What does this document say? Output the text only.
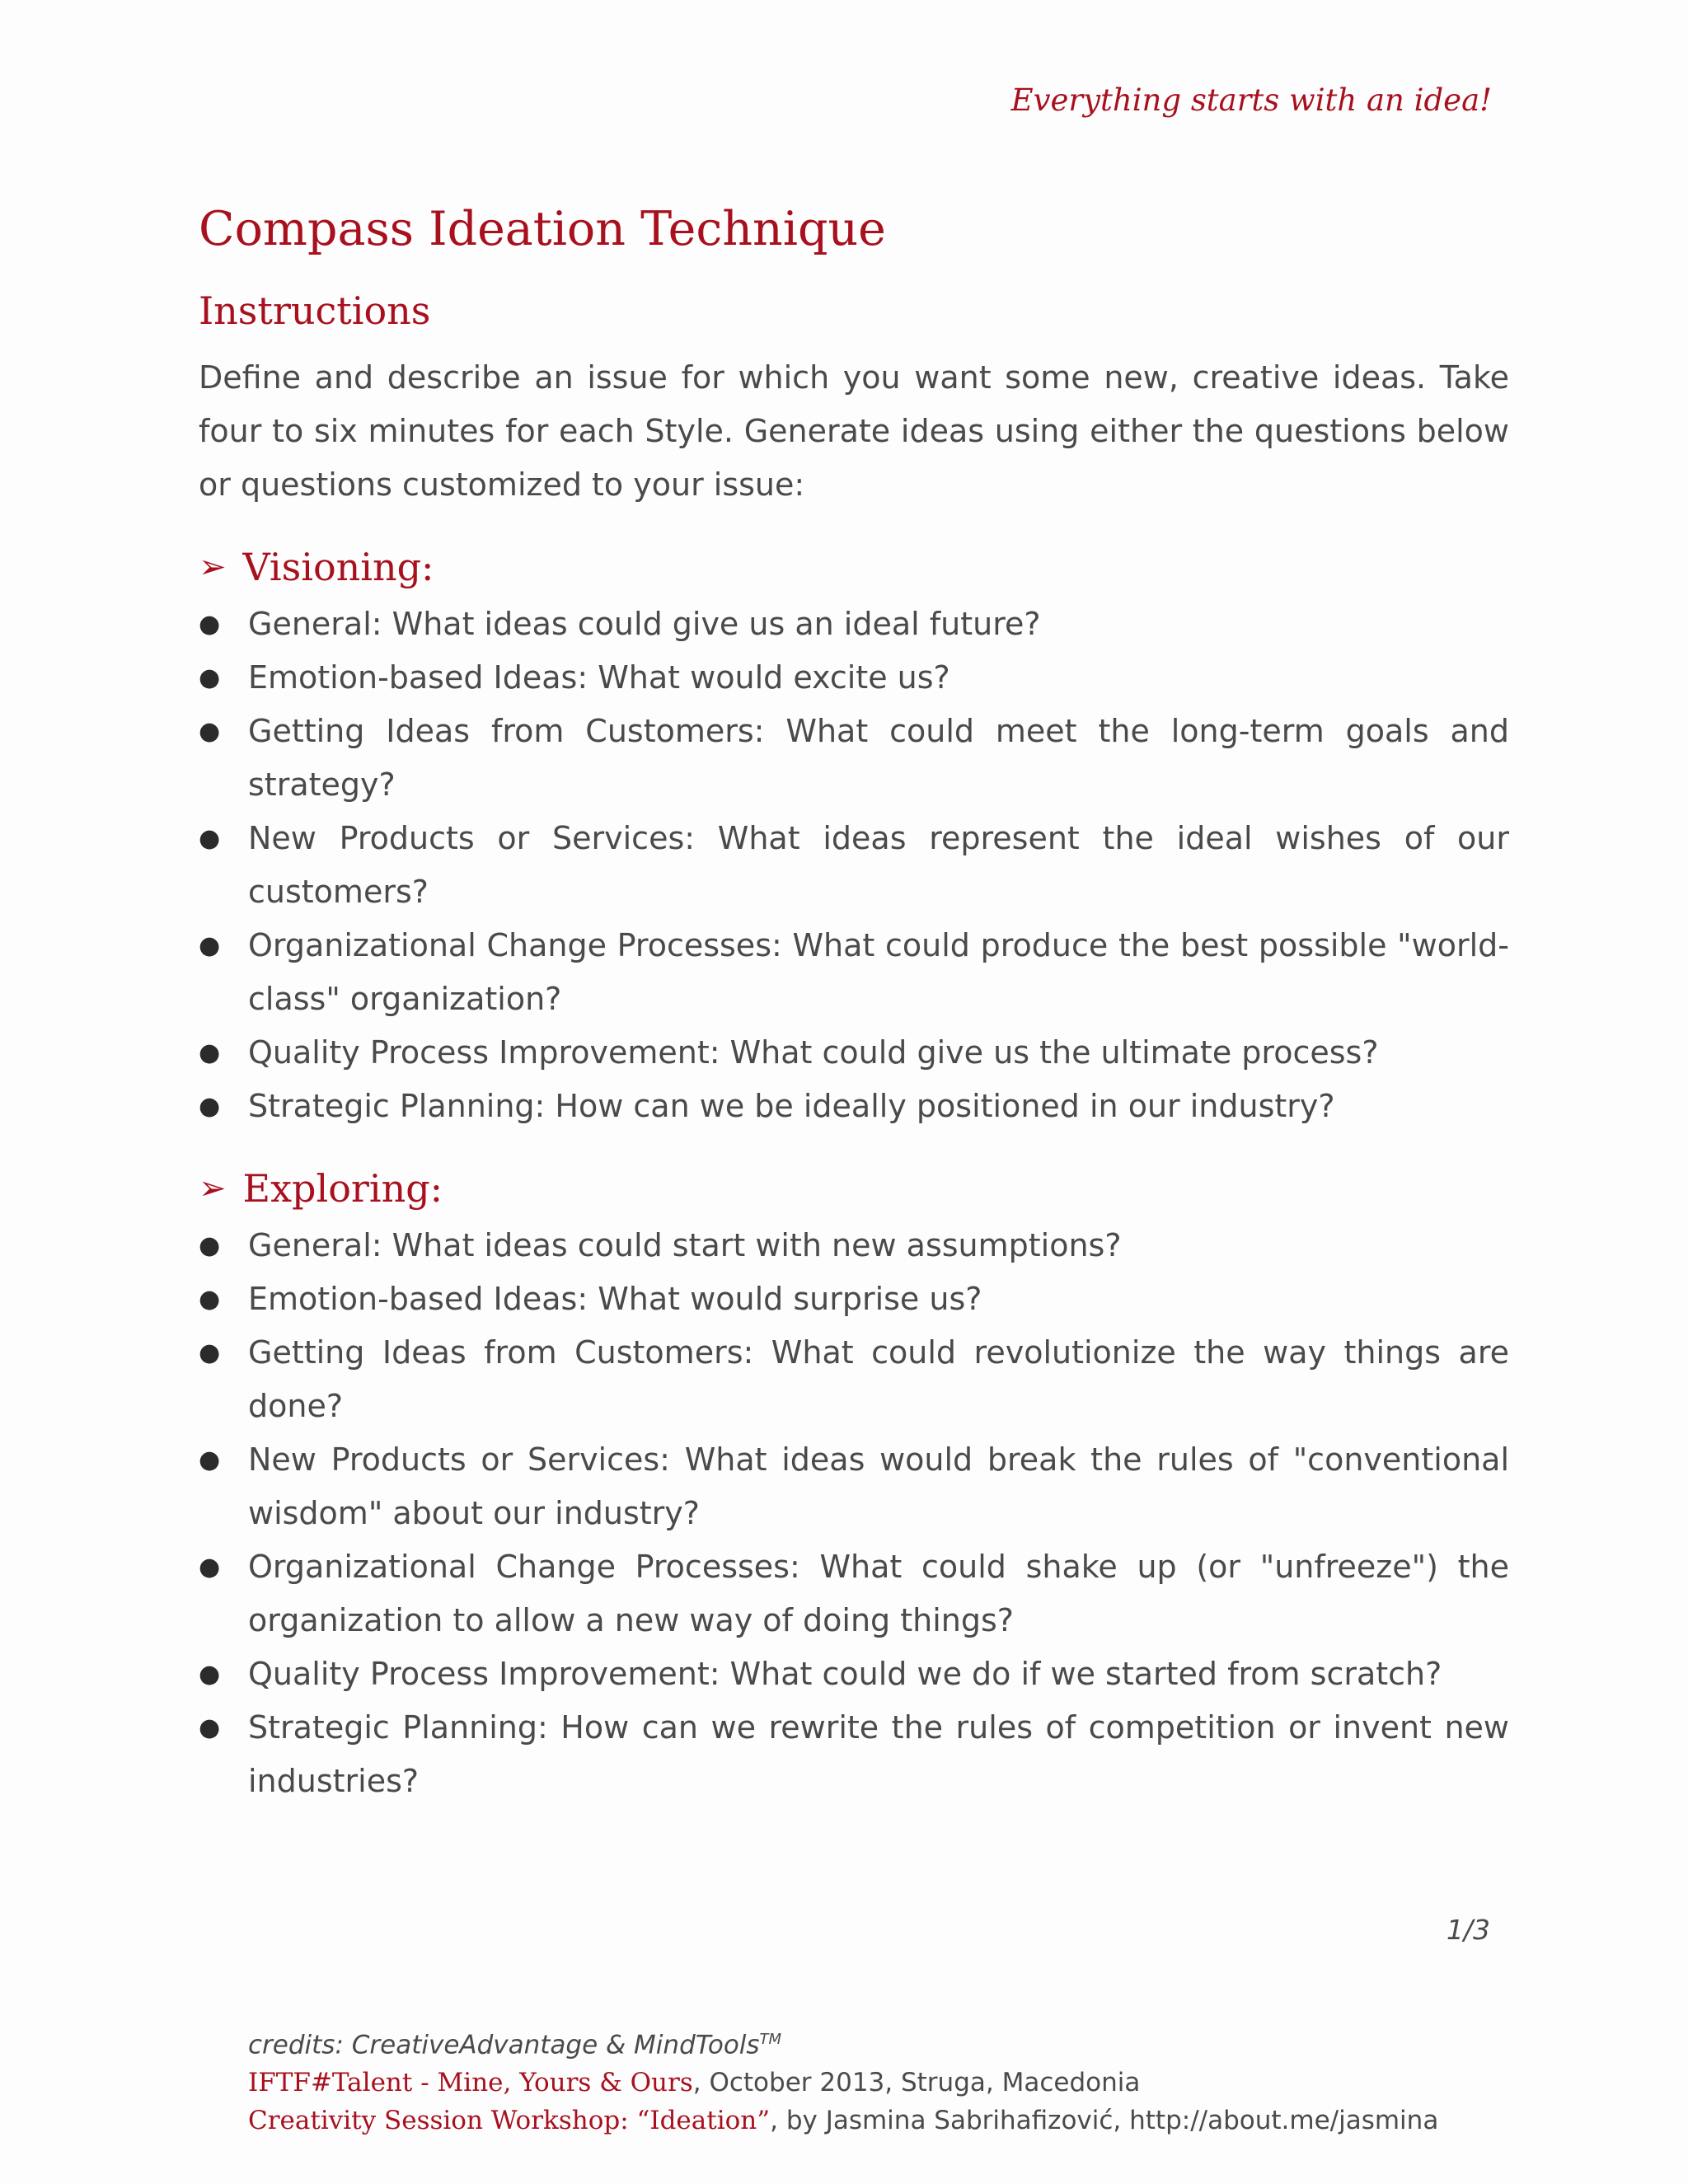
Everything starts with an idea!
Compass Ideation Technique
Instructions

Define and describe an issue for which you want some new, creative ideas. Take four to six minutes for each Style. Generate ideas using either the questions below or questions customized to your issue:

➢ Visioning:
● General: What ideas could give us an ideal future?
● Emotion-based Ideas: What would excite us?
● Getting Ideas from Customers: What could meet the long-term goals and strategy?
● New Products or Services: What ideas represent the ideal wishes of our customers?
● Organizational Change Processes: What could produce the best possible "world-class" organization?
● Quality Process Improvement: What could give us the ultimate process?
● Strategic Planning: How can we be ideally positioned in our industry?
➢ Exploring:
● General: What ideas could start with new assumptions?
● Emotion-based Ideas: What would surprise us?
● Getting Ideas from Customers: What could revolutionize the way things are done?
● New Products or Services: What ideas would break the rules of "conventional wisdom" about our industry?
● Organizational Change Processes: What could shake up (or "unfreeze") the organization to allow a new way of doing things?
● Quality Process Improvement: What could we do if we started from scratch?
● Strategic Planning: How can we rewrite the rules of competition or invent new industries?
1/3
credits: CreativeAdvantage & MindTools™
IFTF#Talent - Mine, Yours & Ours, October 2013, Struga, Macedonia
Creativity Session Workshop: “Ideation”, by Jasmina Sabrihafizović, http://about.me/jasmina
